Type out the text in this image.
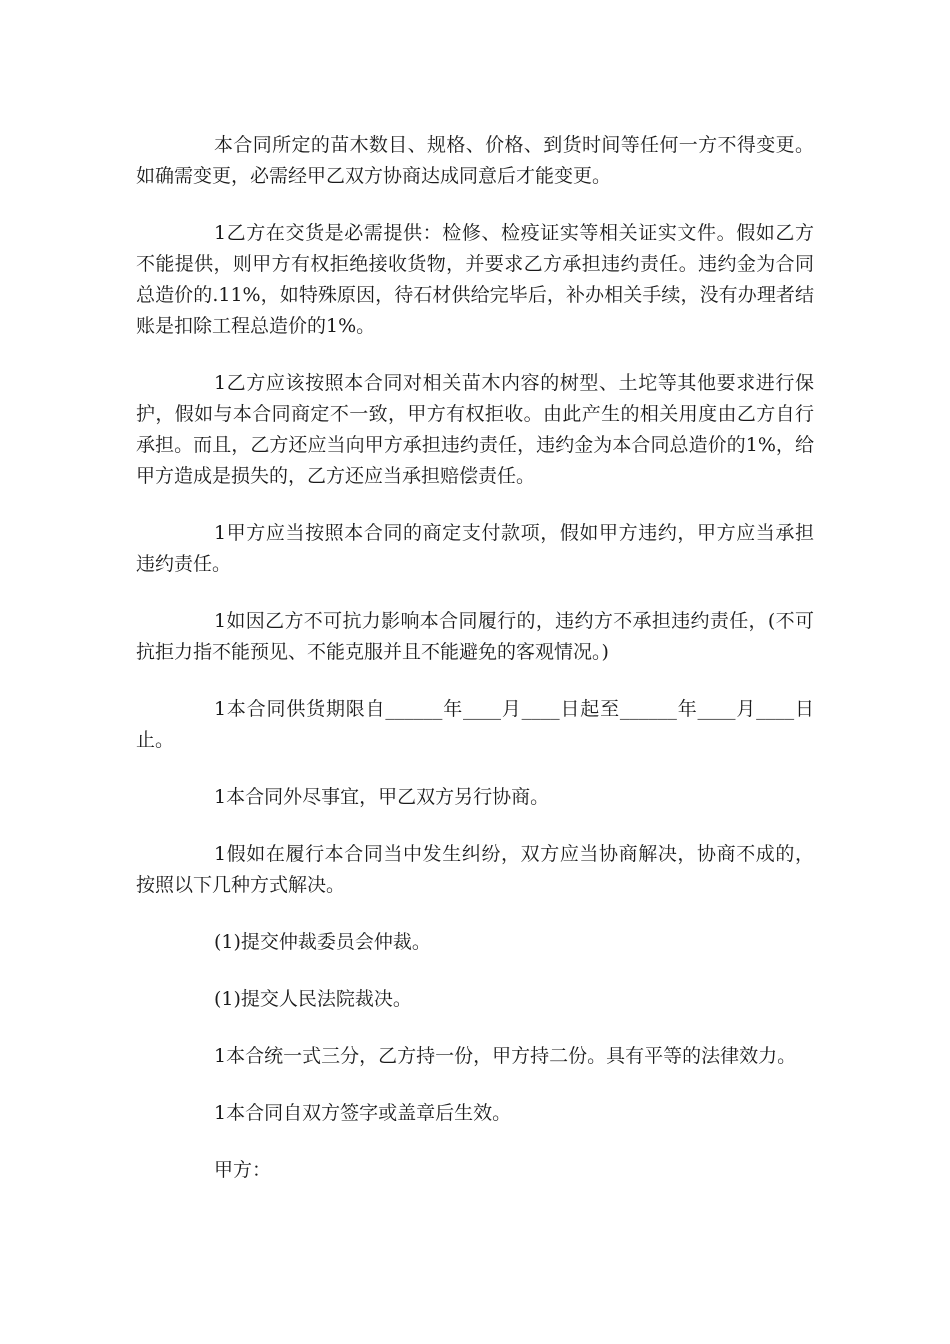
本合同所定的苗木数目、规格、价格、到货时间等任何一方不得变更。如确需变更，必需经甲乙双方协商达成同意后才能变更。

1乙方在交货是必需提供：检修、检疫证实等相关证实文件。假如乙方不能提供，则甲方有权拒绝接收货物，并要求乙方承担违约责任。违约金为合同总造价的.11%，如特殊原因，待石材供给完毕后，补办相关手续，没有办理者结账是扣除工程总造价的1%。

1乙方应该按照本合同对相关苗木内容的树型、土坨等其他要求进行保护，假如与本合同商定不一致，甲方有权拒收。由此产生的相关用度由乙方自行承担。而且，乙方还应当向甲方承担违约责任，违约金为本合同总造价的1%，给甲方造成是损失的，乙方还应当承担赔偿责任。

1甲方应当按照本合同的商定支付款项，假如甲方违约，甲方应当承担违约责任。

1如因乙方不可抗力影响本合同履行的，违约方不承担违约责任，(不可抗拒力指不能预见、不能克服并且不能避免的客观情况。)

1本合同供货期限自______年____月____日起至______年____月____日止。

1本合同外尽事宜，甲乙双方另行协商。

1假如在履行本合同当中发生纠纷，双方应当协商解决，协商不成的，按照以下几种方式解决。

(1)提交仲裁委员会仲裁。

(1)提交人民法院裁决。

1本合统一式三分，乙方持一份，甲方持二份。具有平等的法律效力。

1本合同自双方签字或盖章后生效。

甲方：
